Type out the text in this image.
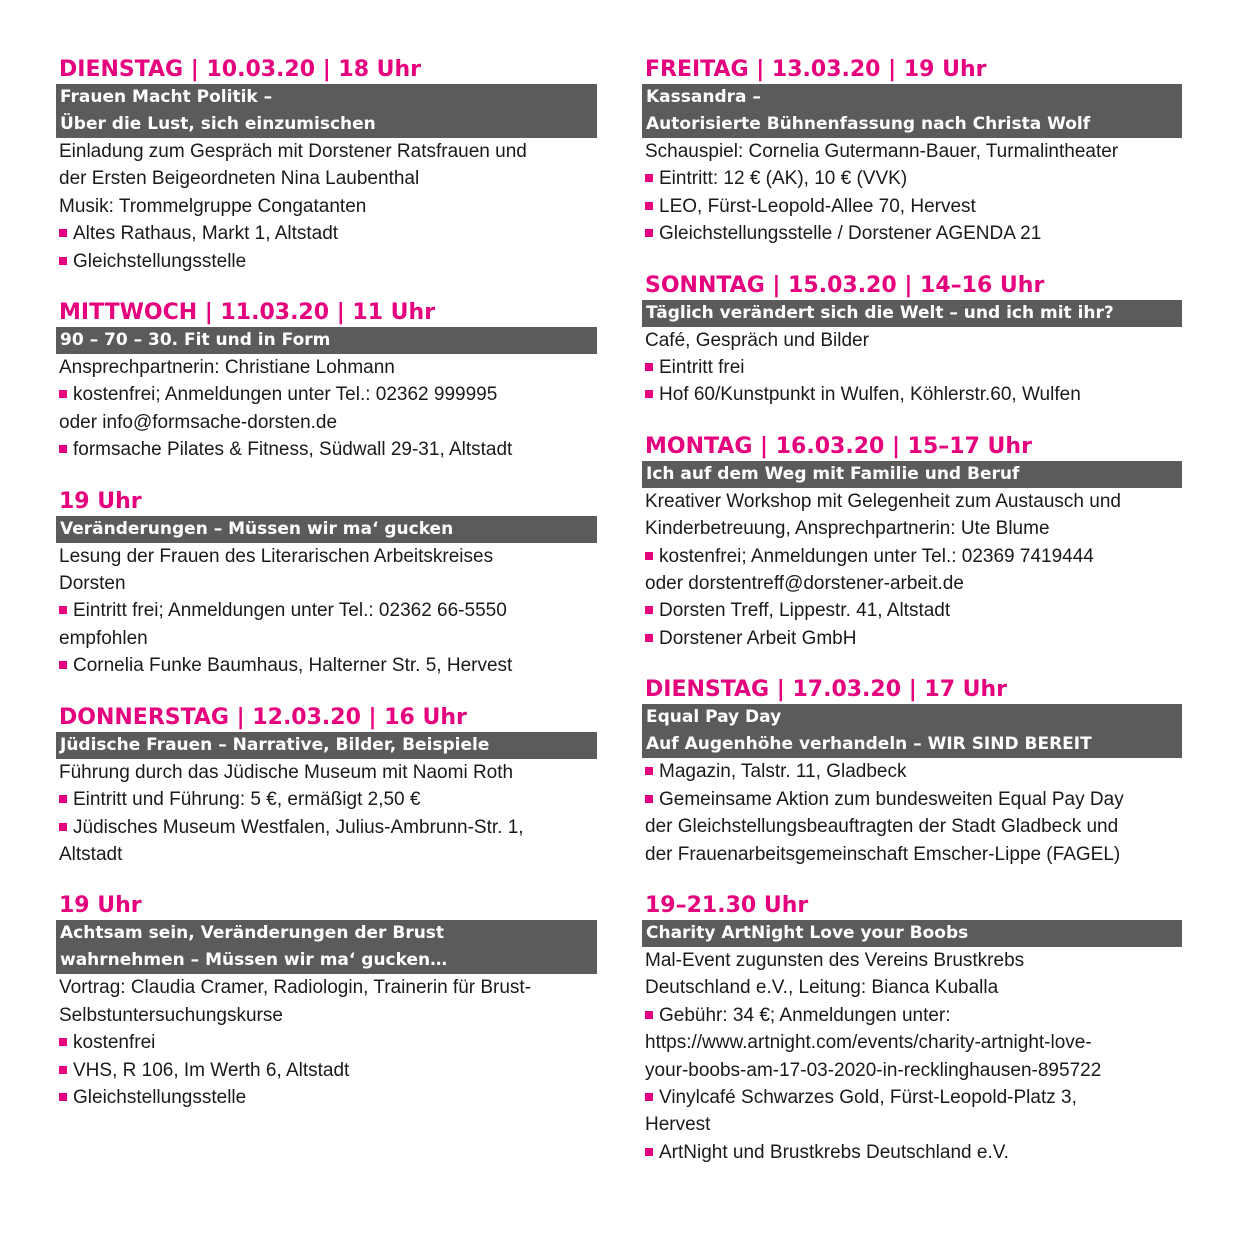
DIENSTAG | 10.03.20 | 18 Uhr
Frauen Macht Politik –
Über die Lust, sich einzumischen
Einladung zum Gespräch mit Dorstener Ratsfrauen und
der Ersten Beigeordneten Nina Laubenthal
Musik: Trommelgruppe Congatanten
Altes Rathaus, Markt 1, Altstadt
Gleichstellungsstelle
MITTWOCH | 11.03.20 | 11 Uhr
90 – 70 – 30. Fit und in Form
Ansprechpartnerin: Christiane Lohmann
kostenfrei; Anmeldungen unter Tel.: 02362 999995
oder info@formsache-dorsten.de
formsache Pilates & Fitness, Südwall 29-31, Altstadt
19 Uhr
Veränderungen – Müssen wir ma‘ gucken
Lesung der Frauen des Literarischen Arbeitskreises
Dorsten
Eintritt frei; Anmeldungen unter Tel.: 02362 66-5550
empfohlen
Cornelia Funke Baumhaus, Halterner Str. 5, Hervest
DONNERSTAG | 12.03.20 | 16 Uhr
Jüdische Frauen – Narrative, Bilder, Beispiele
Führung durch das Jüdische Museum mit Naomi Roth
Eintritt und Führung: 5 €, ermäßigt 2,50 €
Jüdisches Museum Westfalen, Julius-Ambrunn-Str. 1,
Altstadt
19 Uhr
Achtsam sein, Veränderungen der Brust
wahrnehmen – Müssen wir ma‘ gucken…
Vortrag: Claudia Cramer, Radiologin, Trainerin für Brust-
Selbstuntersuchungskurse
kostenfrei
VHS, R 106, Im Werth 6, Altstadt
Gleichstellungsstelle
FREITAG | 13.03.20 | 19 Uhr
Kassandra –
Autorisierte Bühnenfassung nach Christa Wolf
Schauspiel: Cornelia Gutermann-Bauer, Turmalintheater
Eintritt: 12 € (AK), 10 € (VVK)
LEO, Fürst-Leopold-Allee 70, Hervest
Gleichstellungsstelle / Dorstener AGENDA 21
SONNTAG | 15.03.20 | 14–16 Uhr
Täglich verändert sich die Welt – und ich mit ihr?
Café, Gespräch und Bilder
Eintritt frei
Hof 60/Kunstpunkt in Wulfen, Köhlerstr.60, Wulfen
MONTAG | 16.03.20 | 15–17 Uhr
Ich auf dem Weg mit Familie und Beruf
Kreativer Workshop mit Gelegenheit zum Austausch und
Kinderbetreuung, Ansprechpartnerin: Ute Blume
kostenfrei; Anmeldungen unter Tel.: 02369 7419444
oder dorstentreff@dorstener-arbeit.de
Dorsten Treff, Lippestr. 41, Altstadt
Dorstener Arbeit GmbH
DIENSTAG | 17.03.20 | 17 Uhr
Equal Pay Day
Auf Augenhöhe verhandeln – WIR SIND BEREIT
Magazin, Talstr. 11, Gladbeck
Gemeinsame Aktion zum bundesweiten Equal Pay Day
der Gleichstellungsbeauftragten der Stadt Gladbeck und
der Frauenarbeitsgemeinschaft Emscher-Lippe (FAGEL)
19–21.30 Uhr
Charity ArtNight Love your Boobs
Mal-Event zugunsten des Vereins Brustkrebs
Deutschland e.V., Leitung: Bianca Kuballa
Gebühr: 34 €; Anmeldungen unter:
https://www.artnight.com/events/charity-artnight-love-
your-boobs-am-17-03-2020-in-recklinghausen-895722
Vinylcafé Schwarzes Gold, Fürst-Leopold-Platz 3,
Hervest
ArtNight und Brustkrebs Deutschland e.V.
